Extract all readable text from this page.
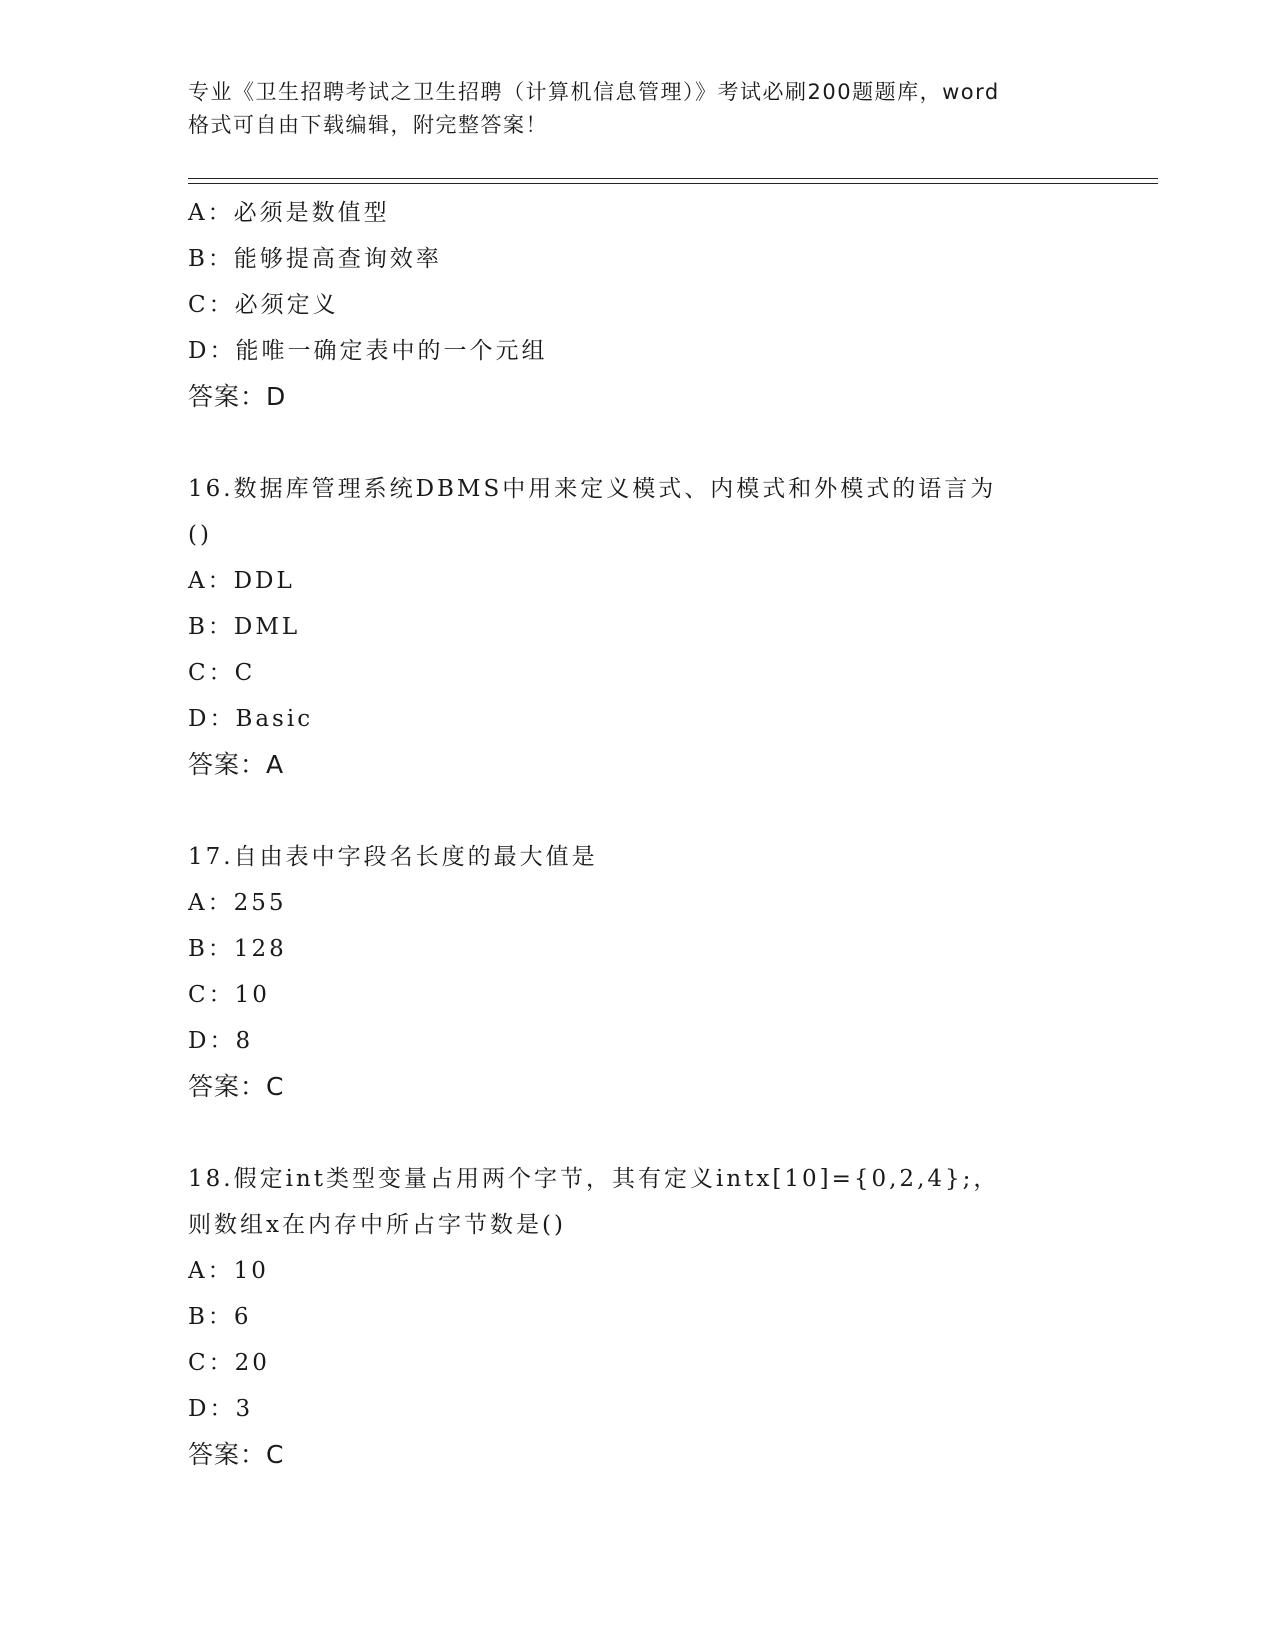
专业《卫生招聘考试之卫生招聘（计算机信息管理）》考试必刷200题题库，word
格式可自由下载编辑，附完整答案！
A：必须是数值型
B：能够提高查询效率
C：必须定义
D：能唯一确定表中的一个元组
答案：D
16.数据库管理系统DBMS中用来定义模式、内模式和外模式的语言为
()
A：DDL
B：DML
C：C
D：Basic
答案：A
17.自由表中字段名长度的最大值是
A：255
B：128
C：10
D：8
答案：C
18.假定int类型变量占用两个字节，其有定义intx[10]={0,2,4};，
则数组x在内存中所占字节数是()
A：10
B：6
C：20
D：3
答案：C
